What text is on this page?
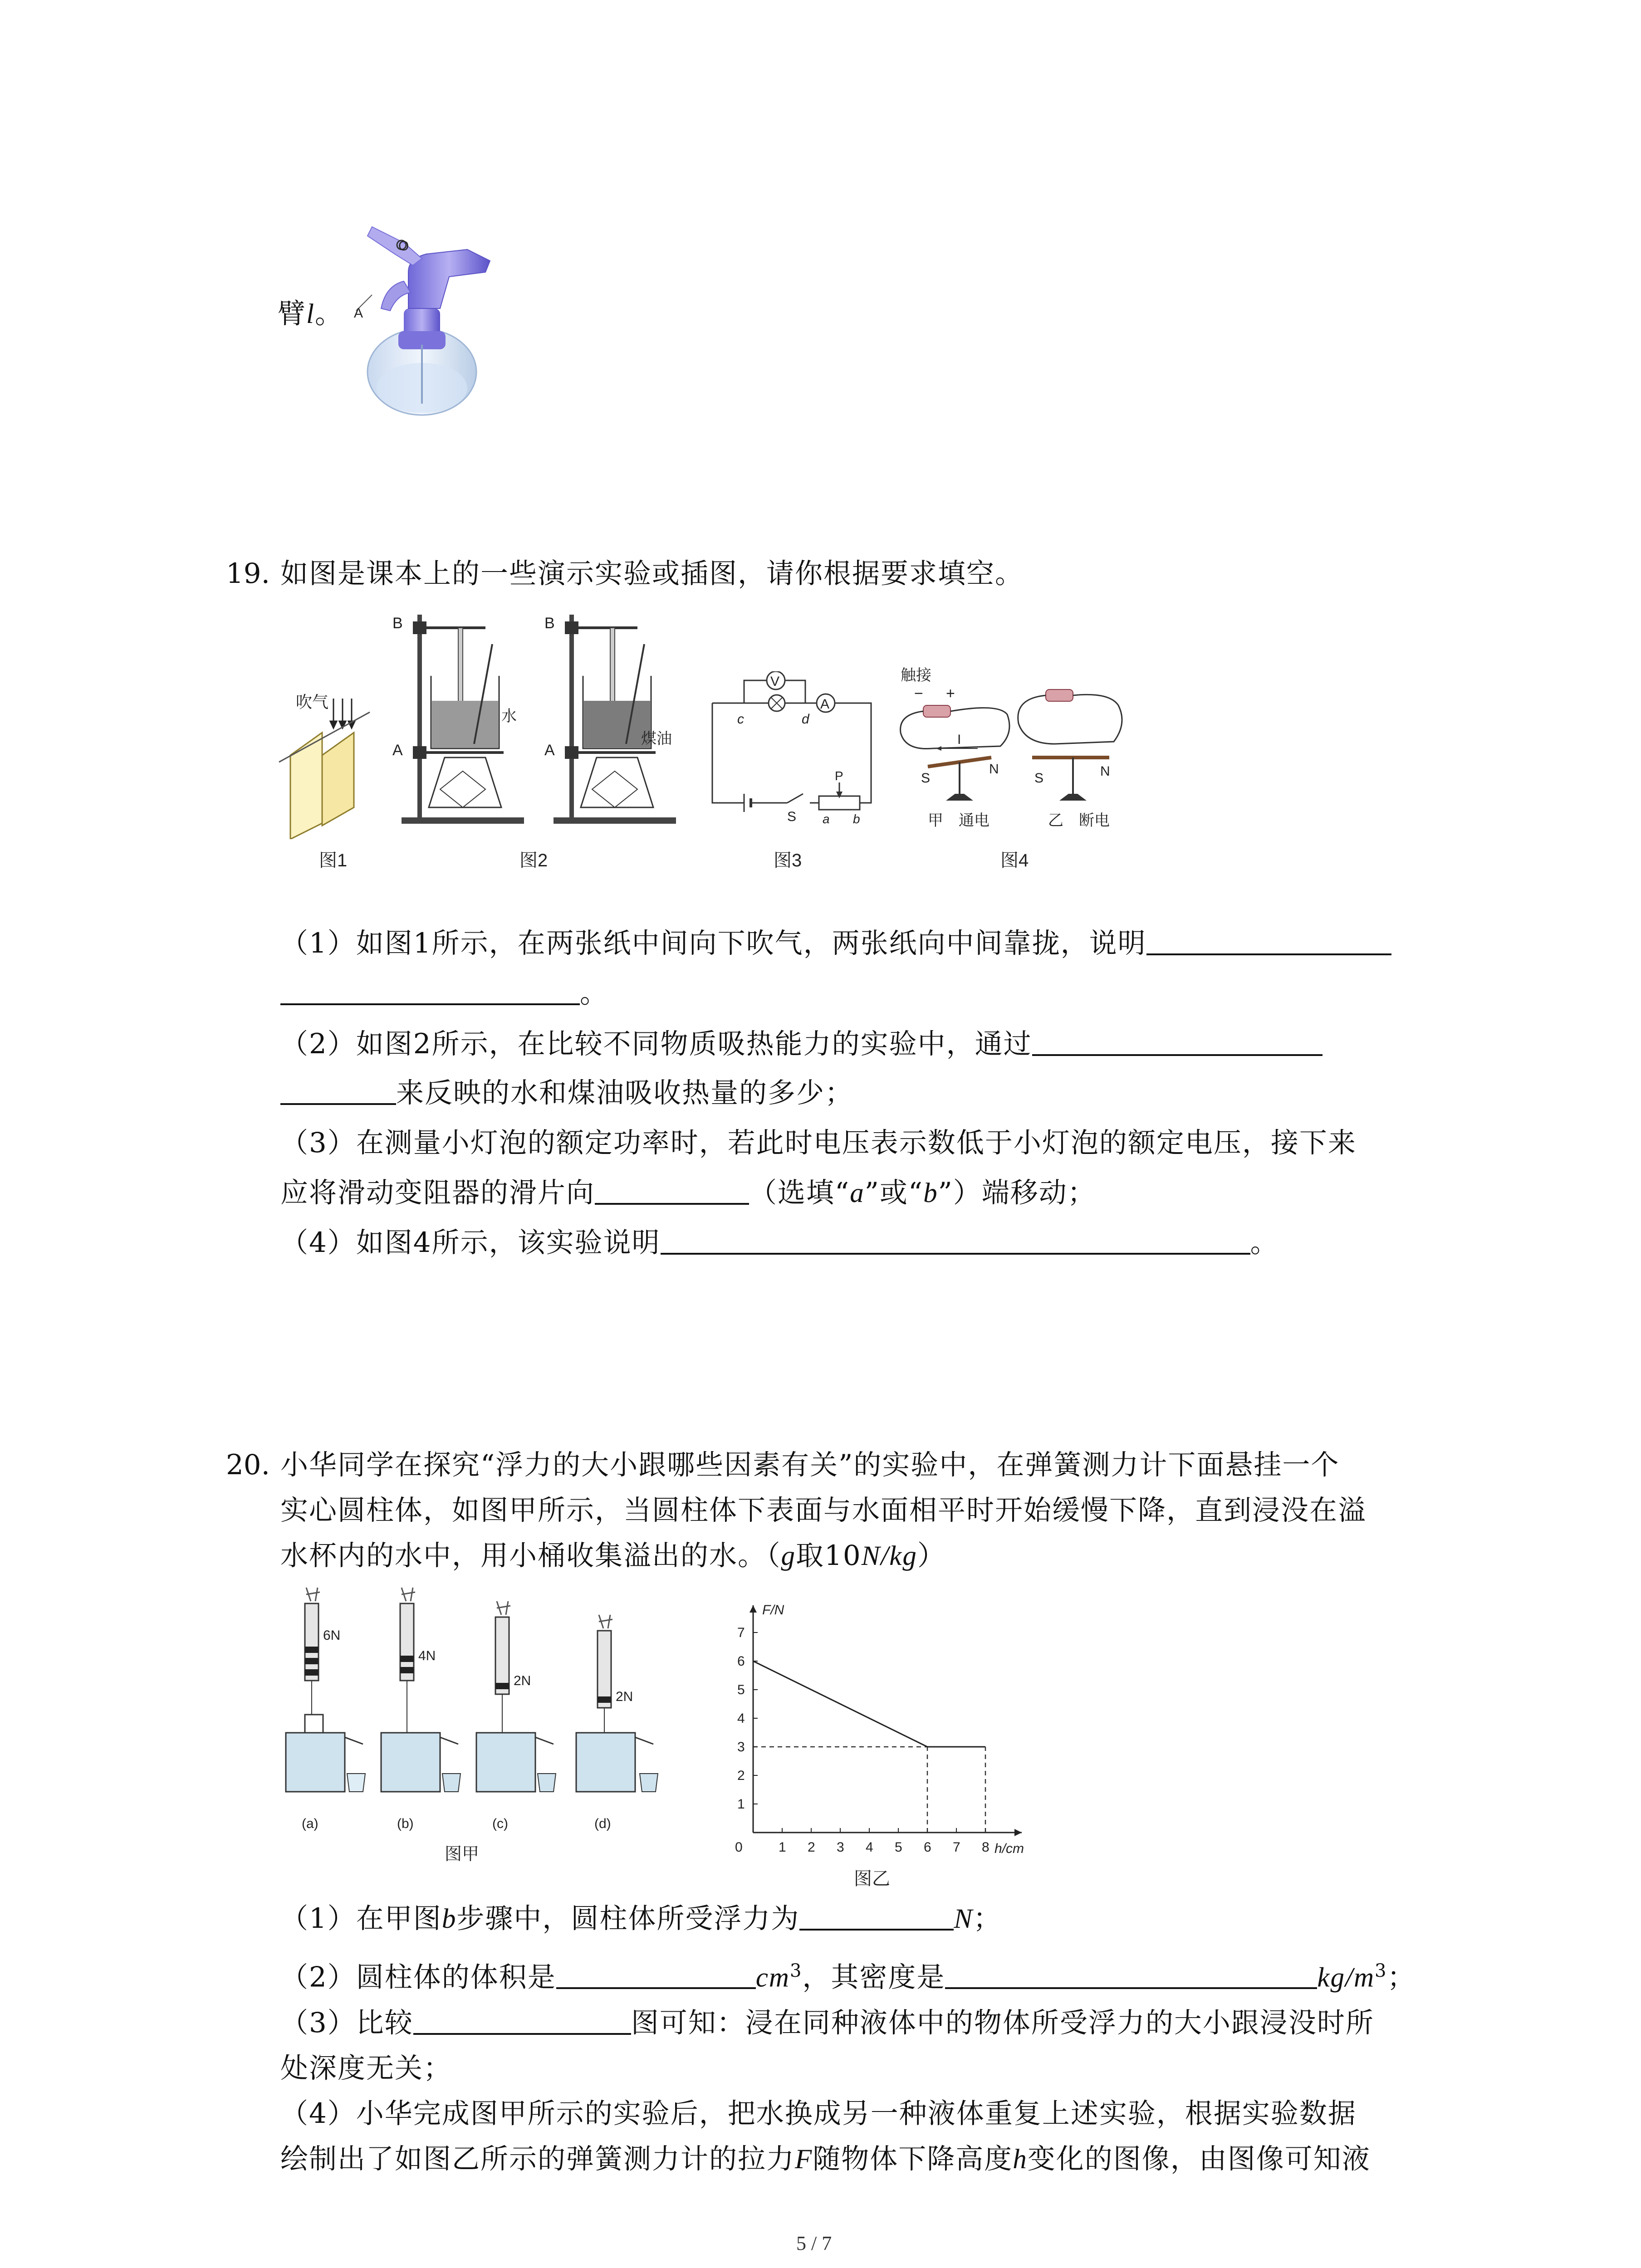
臂l。
O
A
19. 如图是课本上的一些演示实验或插图，请你根据要求填空。
吹气
图1
B
A
水
图2
B
A
煤油
V
A
c	d
S
P
a b
图3
触接
− +
I
S
N
S	N
甲　通电	乙　断电
图4
（1）如图1所示，在两张纸中间向下吹气，两张纸向中间靠拢，说明
。
（2）如图2所示，在比较不同物质吸热能力的实验中，通过
来反映的水和煤油吸收热量的多少；
（3）在测量小灯泡的额定功率时，若此时电压表示数低于小灯泡的额定电压，接下来
应将滑动变阻器的滑片向	（选填“a”或“b”）端移动；
（4）如图4所示，该实验说明	。
20. 小华同学在探究“浮力的大小跟哪些因素有关”的实验中，在弹簧测力计下面悬挂一个
实心圆柱体，如图甲所示，当圆柱体下表面与水面相平时开始缓慢下降，直到浸没在溢
水杯内的水中，用小桶收集溢出的水。（g取10N/kg）
6N
(a)
4N
(b)
2N
(c)
2N
(d)
图甲	0	1 2 3 4 5 6 7 8
1
2
3
4
5
6
7
F/N
h/cm
图乙
（1）在甲图b步骤中，圆柱体所受浮力为	N；
（2）圆柱体的体积是	$cm^3$，其密度是	$kg/m^3$；
（3）比较	图可知：浸在同种液体中的物体所受浮力的大小跟浸没时所
处深度无关；
（4）小华完成图甲所示的实验后，把水换成另一种液体重复上述实验，根据实验数据
绘制出了如图乙所示的弹簧测力计的拉力F随物体下降高度h变化的图像，由图像可知液
5 / 7
